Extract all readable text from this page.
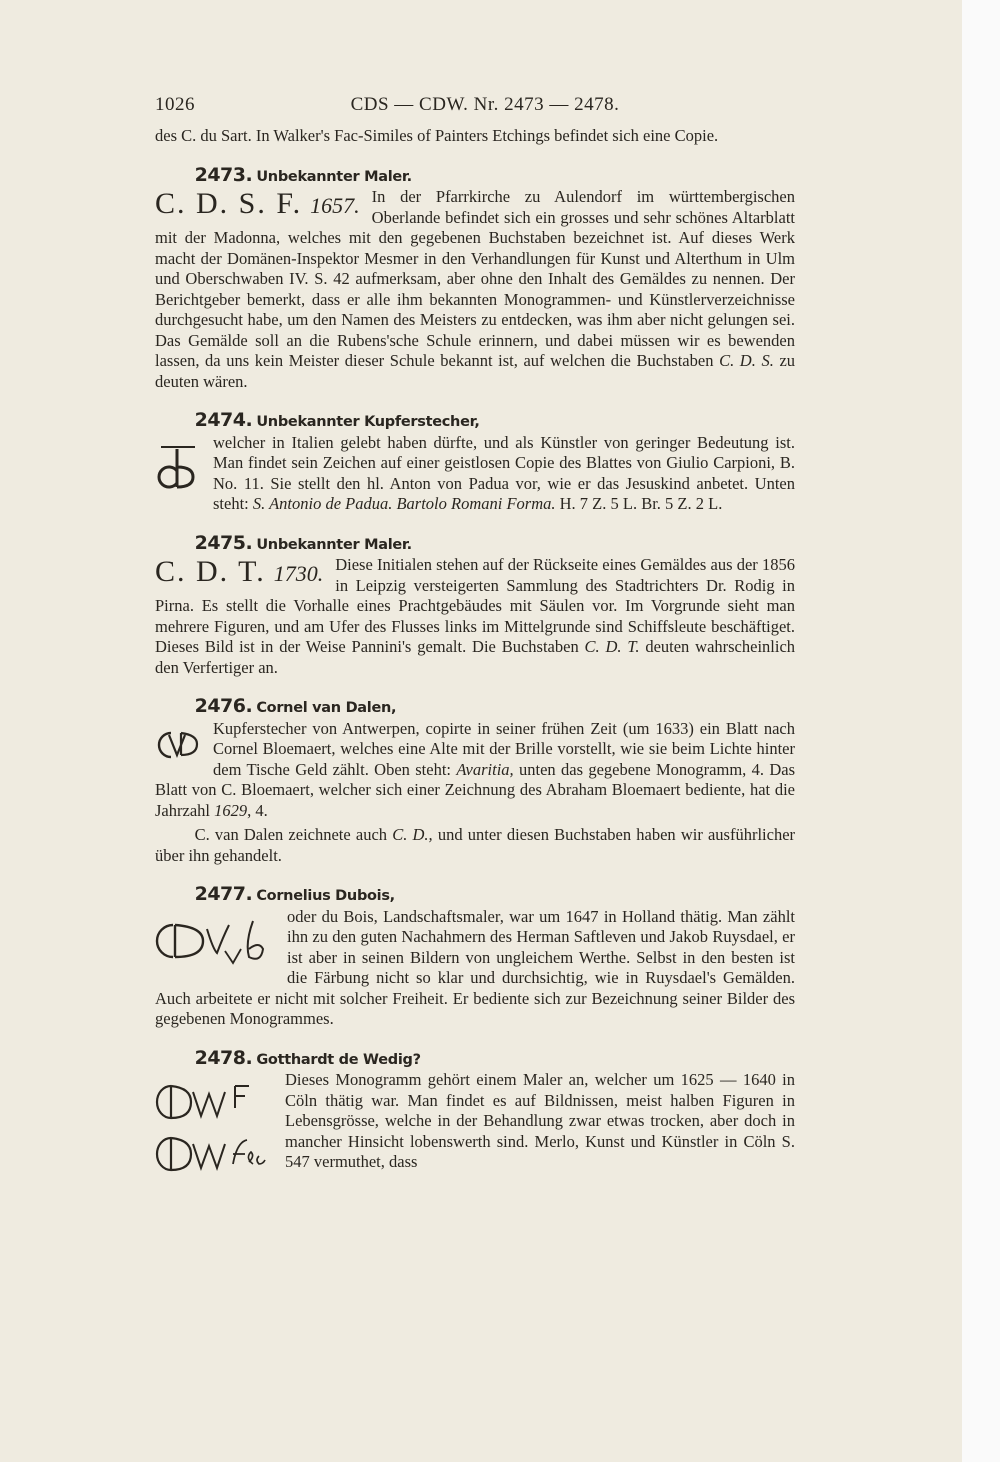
1026	CDS — CDW. Nr. 2473 — 2478.

des C. du Sart. In Walker's Fac-Similes of Painters Etchings befindet sich eine Copie.

2473. Unbekannter Maler.

C. D. S. F. 1657. In der Pfarrkirche zu Aulendorf im württembergischen Oberlande befindet sich ein grosses und sehr schönes Altarblatt mit der Madonna, welches mit den gegebenen Buchstaben bezeichnet ist. Auf dieses Werk macht der Domänen-Inspektor Mesmer in den Verhandlungen für Kunst und Alterthum in Ulm und Oberschwaben IV. S. 42 aufmerksam, aber ohne den Inhalt des Gemäldes zu nennen. Der Berichtgeber bemerkt, dass er alle ihm bekannten Monogrammen- und Künstlerverzeichnisse durchgesucht habe, um den Namen des Meisters zu entdecken, was ihm aber nicht gelungen sei. Das Gemälde soll an die Rubens'sche Schule erinnern, und dabei müssen wir es bewenden lassen, da uns kein Meister dieser Schule bekannt ist, auf welchen die Buchstaben C. D. S. zu deuten wären.

2474. Unbekannter Kupferstecher,

welcher in Italien gelebt haben dürfte, und als Künstler von geringer Bedeutung ist. Man findet sein Zeichen auf einer geistlosen Copie des Blattes von Giulio Carpioni, B. No. 11. Sie stellt den hl. Anton von Padua vor, wie er das Jesuskind anbetet. Unten steht: S. Antonio de Padua. Bartolo Romani Forma. H. 7 Z. 5 L. Br. 5 Z. 2 L.

2475. Unbekannter Maler.

C. D. T. 1730. Diese Initialen stehen auf der Rückseite eines Gemäldes aus der 1856 in Leipzig versteigerten Sammlung des Stadtrichters Dr. Rodig in Pirna. Es stellt die Vorhalle eines Prachtgebäudes mit Säulen vor. Im Vorgrunde sieht man mehrere Figuren, und am Ufer des Flusses links im Mittelgrunde sind Schiffsleute beschäftiget. Dieses Bild ist in der Weise Pannini's gemalt. Die Buchstaben C. D. T. deuten wahrscheinlich den Verfertiger an.

2476. Cornel van Dalen,

Kupferstecher von Antwerpen, copirte in seiner frühen Zeit (um 1633) ein Blatt nach Cornel Bloemaert, welches eine Alte mit der Brille vorstellt, wie sie beim Lichte hinter dem Tische Geld zählt. Oben steht: Avaritia, unten das gegebene Monogramm, 4. Das Blatt von C. Bloemaert, welcher sich einer Zeichnung des Abraham Bloemaert bediente, hat die Jahrzahl 1629, 4.

C. van Dalen zeichnete auch C. D., und unter diesen Buchstaben haben wir ausführlicher über ihn gehandelt.

2477. Cornelius Dubois,

oder du Bois, Landschaftsmaler, war um 1647 in Holland thätig. Man zählt ihn zu den guten Nachahmern des Herman Saftleven und Jakob Ruysdael, er ist aber in seinen Bildern von ungleichem Werthe. Selbst in den besten ist die Färbung nicht so klar und durchsichtig, wie in Ruysdael's Gemälden. Auch arbeitete er nicht mit solcher Freiheit. Er bediente sich zur Bezeichnung seiner Bilder des gegebenen Monogrammes.

2478. Gotthardt de Wedig?

Dieses Monogramm gehört einem Maler an, welcher um 1625 — 1640 in Cöln thätig war. Man findet es auf Bildnissen, meist halben Figuren in Lebensgrösse, welche in der Behandlung zwar etwas trocken, aber doch in mancher Hinsicht lobenswerth sind. Merlo, Kunst und Künstler in Cöln S. 547 vermuthet, dass
